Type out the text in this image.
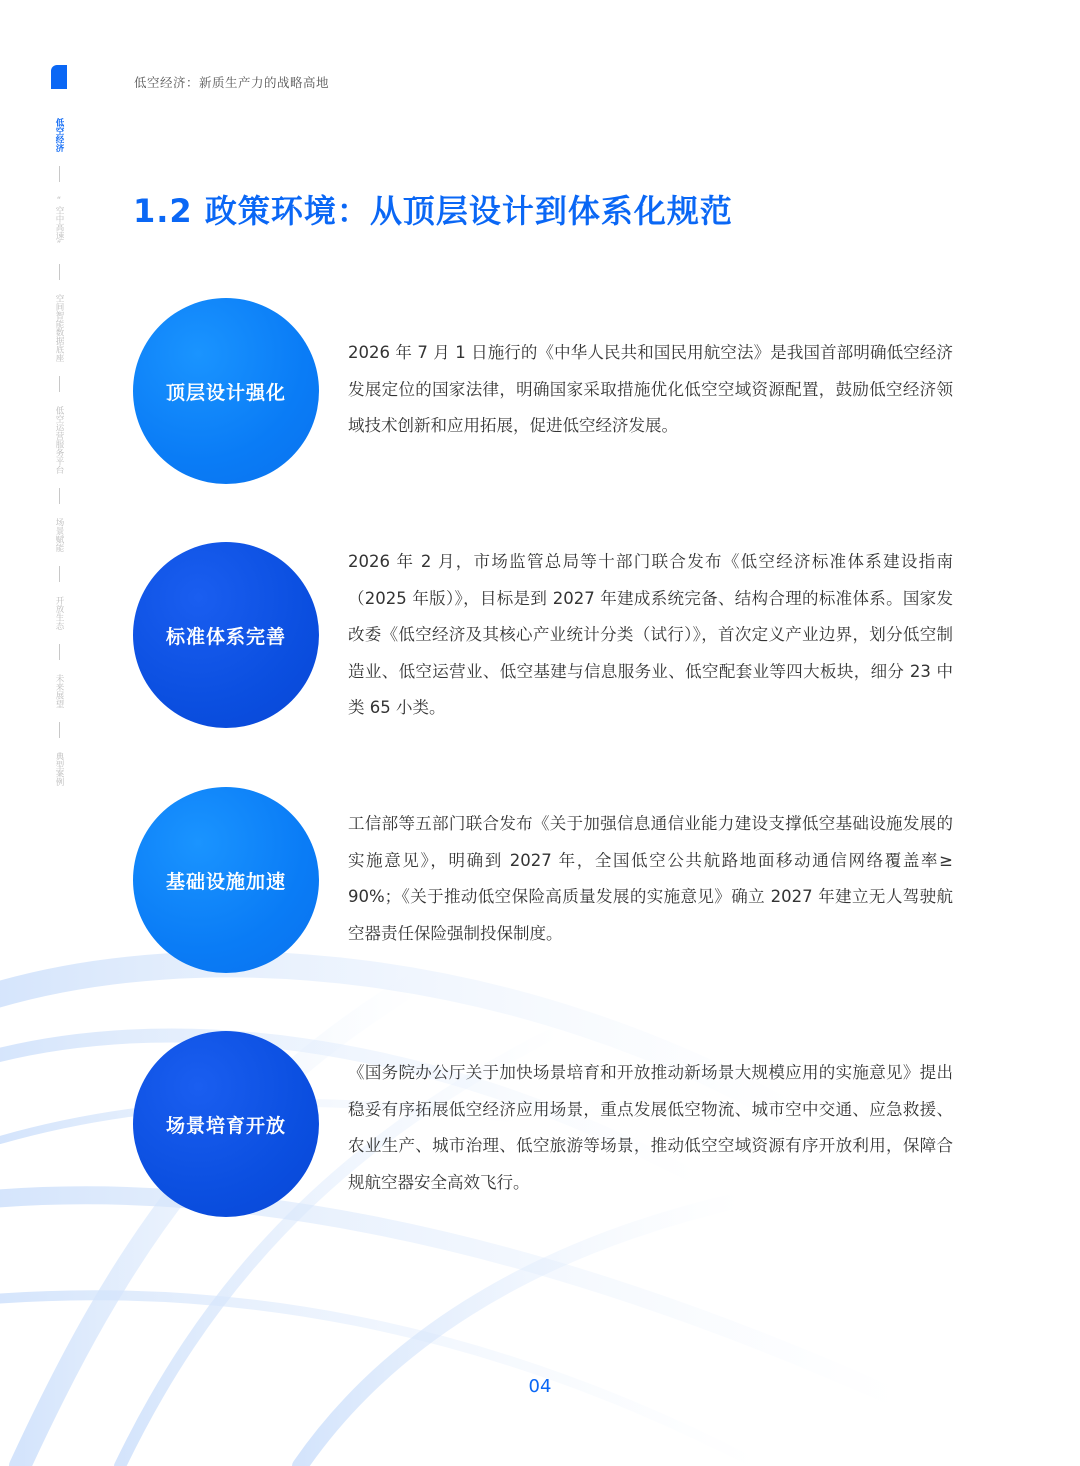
低空经济：新质生产力的战略高地
低空经济
“空中高速”
空间智能数据底座
低空运营服务平台
场景赋能
开放生态
未来展望
典型案例
1.2 政策环境：从顶层设计到体系化规范
顶层设计强化

2026 年 7 月 1 日施行的《中华人民共和国民用航空法》是我国首部明确低空经济发展定位的国家法律，明确国家采取措施优化低空空域资源配置，鼓励低空经济领域技术创新和应用拓展，促进低空经济发展。

标准体系完善

2026 年 2 月，市场监管总局等十部门联合发布《低空经济标准体系建设指南（2025 年版）》，目标是到 2027 年建成系统完备、结构合理的标准体系。国家发改委《低空经济及其核心产业统计分类（试行）》，首次定义产业边界，划分低空制造业、低空运营业、低空基建与信息服务业、低空配套业等四大板块，细分 23 中类 65 小类。

基础设施加速

工信部等五部门联合发布《关于加强信息通信业能力建设支撑低空基础设施发展的实施意见》，明确到 2027 年，全国低空公共航路地面移动通信网络覆盖率≥ 90%；《关于推动低空保险高质量发展的实施意见》确立 2027 年建立无人驾驶航空器责任保险强制投保制度。

场景培育开放

《国务院办公厅关于加快场景培育和开放推动新场景大规模应用的实施意见》提出稳妥有序拓展低空经济应用场景，重点发展低空物流、城市空中交通、应急救援、农业生产、城市治理、低空旅游等场景，推动低空空域资源有序开放利用，保障合规航空器安全高效飞行。

04
